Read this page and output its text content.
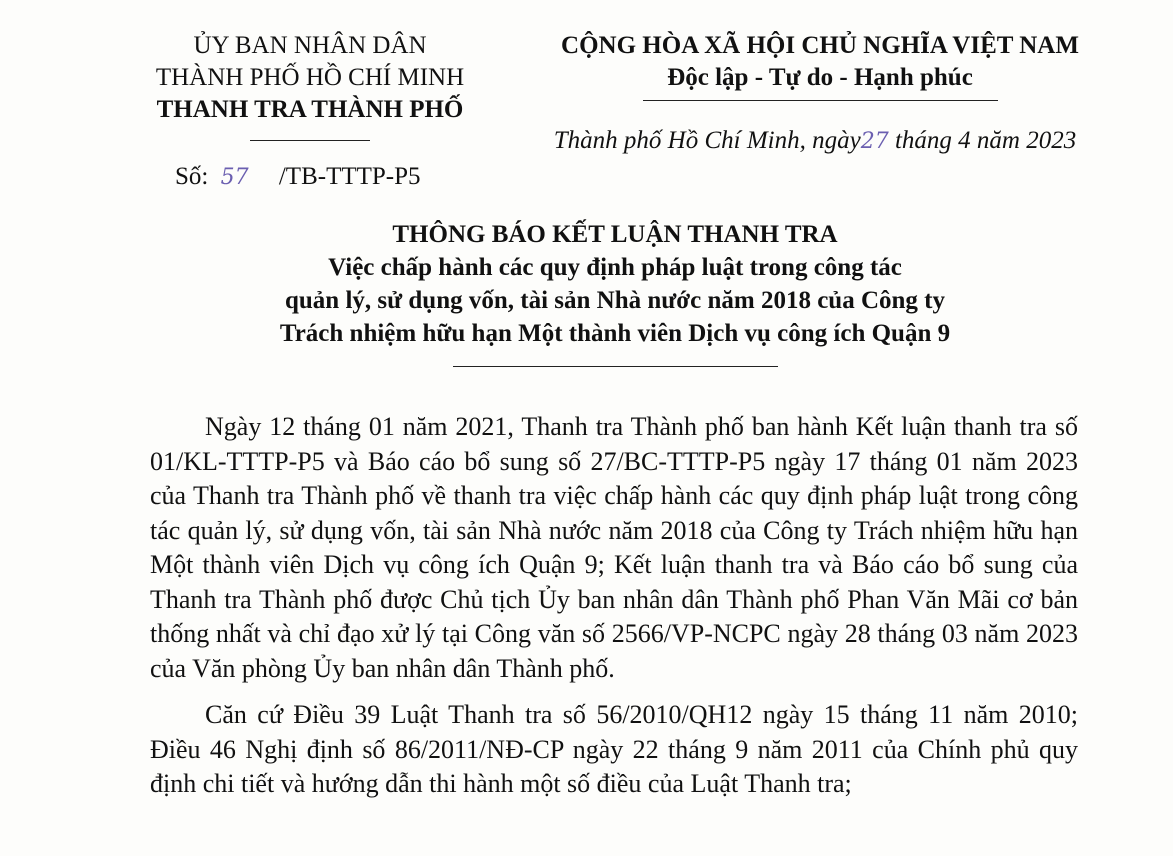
ỦY BAN NHÂN DÂN
THÀNH PHỐ HỒ CHÍ MINH
THANH TRA THÀNH PHỐ
Số: 57 /TB-TTTP-P5
CỘNG HÒA XÃ HỘI CHỦ NGHĨA VIỆT NAM
Độc lập - Tự do - Hạnh phúc
Thành phố Hồ Chí Minh, ngày27 tháng 4 năm 2023
THÔNG BÁO KẾT LUẬN THANH TRA
Việc chấp hành các quy định pháp luật trong công tác
quản lý, sử dụng vốn, tài sản Nhà nước năm 2018 của Công ty
Trách nhiệm hữu hạn Một thành viên Dịch vụ công ích Quận 9

Ngày 12 tháng 01 năm 2021, Thanh tra Thành phố ban hành Kết luận thanh tra số 01/KL-TTTP-P5 và Báo cáo bổ sung số 27/BC-TTTP-P5 ngày 17 tháng 01 năm 2023 của Thanh tra Thành phố về thanh tra việc chấp hành các quy định pháp luật trong công tác quản lý, sử dụng vốn, tài sản Nhà nước năm 2018 của Công ty Trách nhiệm hữu hạn Một thành viên Dịch vụ công ích Quận 9; Kết luận thanh tra và Báo cáo bổ sung của Thanh tra Thành phố được Chủ tịch Ủy ban nhân dân Thành phố Phan Văn Mãi cơ bản thống nhất và chỉ đạo xử lý tại Công văn số 2566/VP-NCPC ngày 28 tháng 03 năm 2023 của Văn phòng Ủy ban nhân dân Thành phố.

Căn cứ Điều 39 Luật Thanh tra số 56/2010/QH12 ngày 15 tháng 11 năm 2010; Điều 46 Nghị định số 86/2011/NĐ-CP ngày 22 tháng 9 năm 2011 của Chính phủ quy định chi tiết và hướng dẫn thi hành một số điều của Luật Thanh tra;
